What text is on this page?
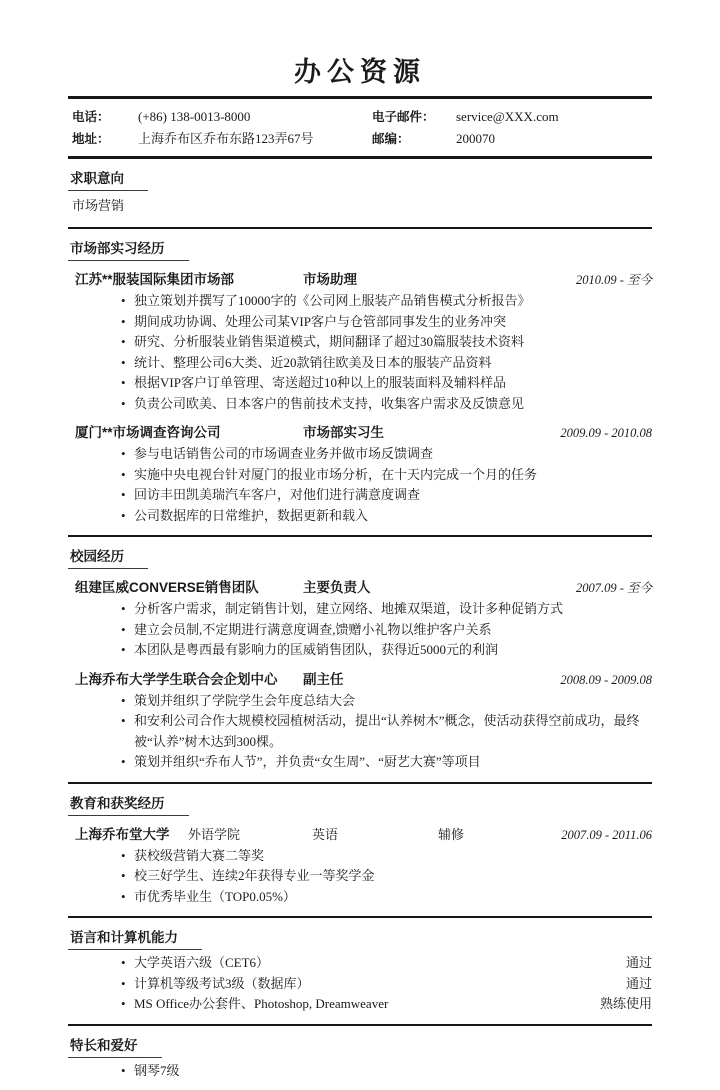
办公资源
电话：	(+86) 138-0013-8000	电子邮件：	service@XXX.com
地址：	上海乔布区乔布东路123弄67号	邮编：	200070
求职意向
市场营销
市场部实习经历
江苏**服装国际集团市场部	市场助理	2010.09 - 至今
• 独立策划并撰写了10000字的《公司网上服装产品销售模式分析报告》
• 期间成功协调、处理公司某VIP客户与仓管部同事发生的业务冲突
• 研究、分析服装业销售渠道模式，期间翻译了超过30篇服装技术资料
• 统计、整理公司6大类、近20款销往欧美及日本的服装产品资料
• 根据VIP客户订单管理、寄送超过10种以上的服装面料及辅料样品
• 负责公司欧美、日本客户的售前技术支持，收集客户需求及反馈意见
厦门**市场调查咨询公司	市场部实习生	2009.09 - 2010.08
• 参与电话销售公司的市场调查业务并做市场反馈调查
• 实施中央电视台针对厦门的报业市场分析，在十天内完成一个月的任务
• 回访丰田凯美瑞汽车客户，对他们进行满意度调查
• 公司数据库的日常维护，数据更新和载入
校园经历
组建匡威CONVERSE销售团队	主要负责人	2007.09 - 至今
• 分析客户需求，制定销售计划，建立网络、地摊双渠道，设计多种促销方式
• 建立会员制,不定期进行满意度调查,馈赠小礼物以维护客户关系
• 本团队是粤西最有影响力的匡威销售团队，获得近5000元的利润
上海乔布大学学生联合会企划中心	副主任	2008.09 - 2009.08
• 策划并组织了学院学生会年度总结大会
• 和安利公司合作大规模校园植树活动，提出“认养树木”概念，使活动获得空前成功，最终被“认养”树木达到300棵。
• 策划并组织“乔布人节”，并负责“女生周”、“厨艺大赛”等项目
教育和获奖经历
上海乔布堂大学	外语学院	英语	辅修	2007.09 - 2011.06
• 获校级营销大赛二等奖
• 校三好学生、连续2年获得专业一等奖学金
• 市优秀毕业生（TOP0.05%）
语言和计算机能力
• 大学英语六级（CET6）	通过
• 计算机等级考试3级（数据库）	通过
• MS Office办公套件、Photoshop, Dreamweaver	熟练使用
特长和爱好
• 钢琴7级
